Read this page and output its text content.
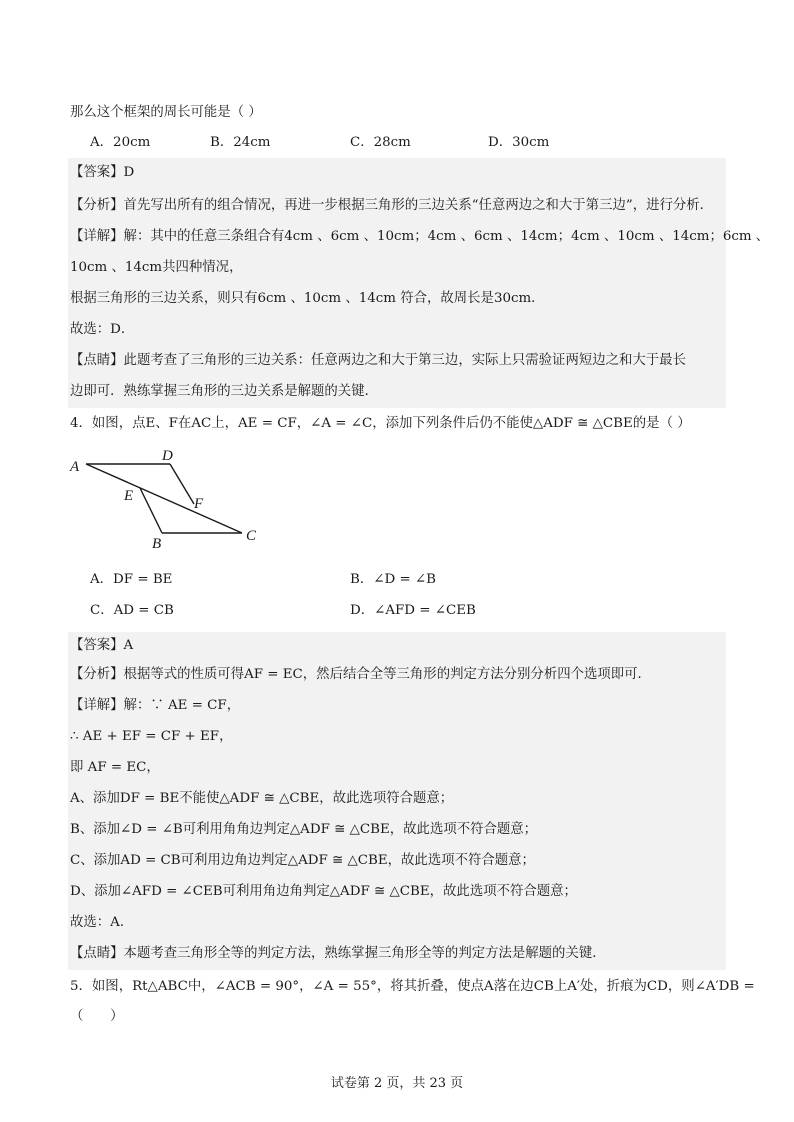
那么这个框架的周长可能是（ ）
A．20cm	B．24cm	C．28cm	D．30cm
【答案】D
【分析】首先写出所有的组合情况，再进一步根据三角形的三边关系“任意两边之和大于第三边”，进行分析．
【详解】解：其中的任意三条组合有4cm 、6cm 、10cm；4cm 、6cm 、14cm；4cm 、10cm 、14cm；6cm 、
10cm 、14cm共四种情况，
根据三角形的三边关系，则只有6cm 、10cm 、14cm 符合，故周长是30cm．
故选：D．
【点睛】此题考查了三角形的三边关系：任意两边之和大于第三边，实际上只需验证两短边之和大于最长
边即可．熟练掌握三角形的三边关系是解题的关键．
4．如图，点E、F在AC上，AE = CF，∠A = ∠C，添加下列条件后仍不能使△ADF ≅ △CBE的是（ ）
A
D
E	F
B	C
A．DF = BE	B．∠D = ∠B
C．AD = CB	D．∠AFD = ∠CEB
【答案】A
【分析】根据等式的性质可得AF = EC，然后结合全等三角形的判定方法分别分析四个选项即可．
【详解】解：∵ AE = CF，
∴ AE + EF = CF + EF，
即 AF = EC，
A、添加DF = BE不能使△ADF ≅ △CBE，故此选项符合题意；
B、添加∠D = ∠B可利用角角边判定△ADF ≅ △CBE，故此选项不符合题意；
C、添加AD = CB可利用边角边判定△ADF ≅ △CBE，故此选项不符合题意；
D、添加∠AFD = ∠CEB可利用角边角判定△ADF ≅ △CBE，故此选项不符合题意；
故选：A．
【点睛】本题考查三角形全等的判定方法，熟练掌握三角形全等的判定方法是解题的关键．
5．如图，Rt△ABC中，∠ACB = 90°，∠A = 55°，将其折叠，使点A落在边CB上A′处，折痕为CD，则∠A′DB =
（　　）
试卷第 2 页，共 23 页
